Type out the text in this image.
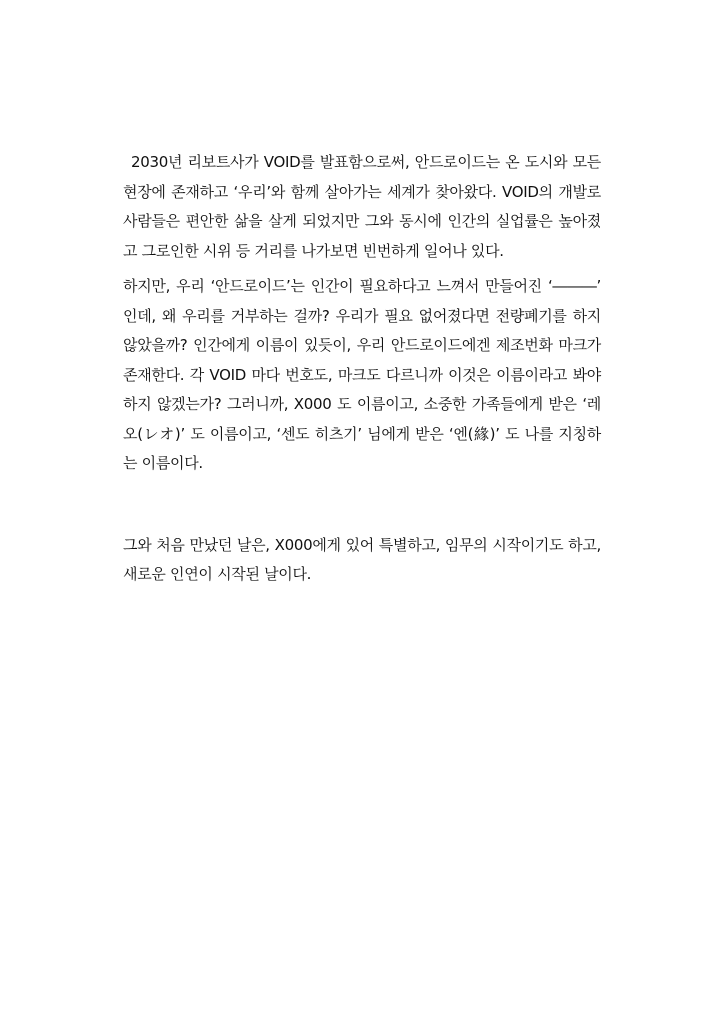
2030년 리보트사가 VOID를 발표함으로써, 안드로이드는 온 도시와 모든 현장에 존재하고 ‘우리’와 함께 살아가는 세계가 찾아왔다. VOID의 개발로 사람들은 편안한 삶을 살게 되었지만 그와 동시에 인간의 실업률은 높아졌고 그로인한 시위 등 거리를 나가보면 빈번하게 일어나 있다.

하지만, 우리 ‘안드로이드’는 인간이 필요하다고 느껴서 만들어진 ‘―――’ 인데, 왜 우리를 거부하는 걸까? 우리가 필요 없어졌다면 전량폐기를 하지 않았을까? 인간에게 이름이 있듯이, 우리 안드로이드에겐 제조번화 마크가 존재한다. 각 VOID 마다 번호도, 마크도 다르니까 이것은 이름이라고 봐야하지 않겠는가? 그러니까, X000 도 이름이고, 소중한 가족들에게 받은 ‘레오(レオ)’ 도 이름이고, ‘센도 히츠기’ 님에게 받은 ‘엔(緣)’ 도 나를 지칭하는 이름이다.

그와 처음 만났던 날은, X000에게 있어 특별하고, 임무의 시작이기도 하고, 새로운 인연이 시작된 날이다.
